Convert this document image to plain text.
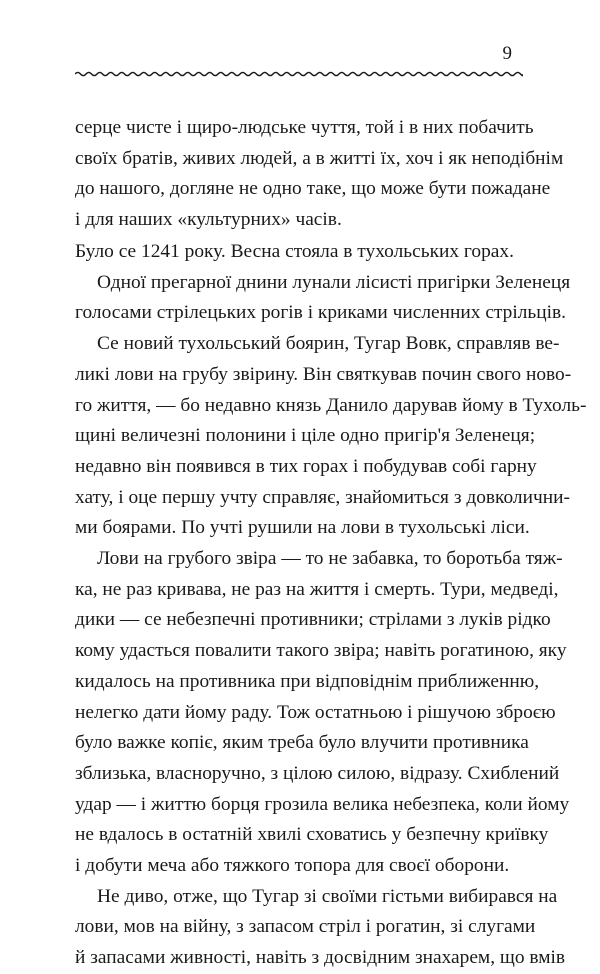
9
серце чисте і щиро-людське чуття, той і в них побачить
своїх братів, живих людей, а в житті їх, хоч і як неподібнім
до нашого, догляне не одно таке, що може бути пожадане
і для наших «культурних» часів.
Було се 1241 року. Весна стояла в тухольських горах.
Одної прегарної днини лунали лісисті пригірки Зеленеця
голосами стрілецьких рогів і криками численних стрільців.
Се новий тухольський боярин, Тугар Вовк, справляв ве-
ликі лови на грубу звірину. Він святкував почин свого ново-
го життя, — бо недавно князь Данило дарував йому в Тухоль-
щині величезні полонини і ціле одно пригір'я Зеленеця;
недавно він появився в тих горах і побудував собі гарну
хату, і оце першу учту справляє, знайомиться з довколични-
ми боярами. По учті рушили на лови в тухольські ліси.
Лови на грубого звіра — то не забавка, то боротьба тяж-
ка, не раз кривава, не раз на життя і смерть. Тури, медведі,
дики — се небезпечні противники; стрілами з луків рідко
кому удасться повалити такого звіра; навіть рогатиною, яку
кидалось на противника при відповіднім приближенню,
нелегко дати йому раду. Тож остатньою і рішучою зброєю
було важке копіє, яким треба було влучити противника
зблизька, власноручно, з цілою силою, відразу. Схиблений
удар — і життю борця грозила велика небезпека, коли йому
не вдалось в остатній хвилі сховатись у безпечну криївку
і добути меча або тяжкого топора для своєї оборони.
Не диво, отже, що Тугар зі своїми гістьми вибирався на
лови, мов на війну, з запасом стріл і рогатин, зі слугами
й запасами живності, навіть з досвідним знахарем, що вмів
